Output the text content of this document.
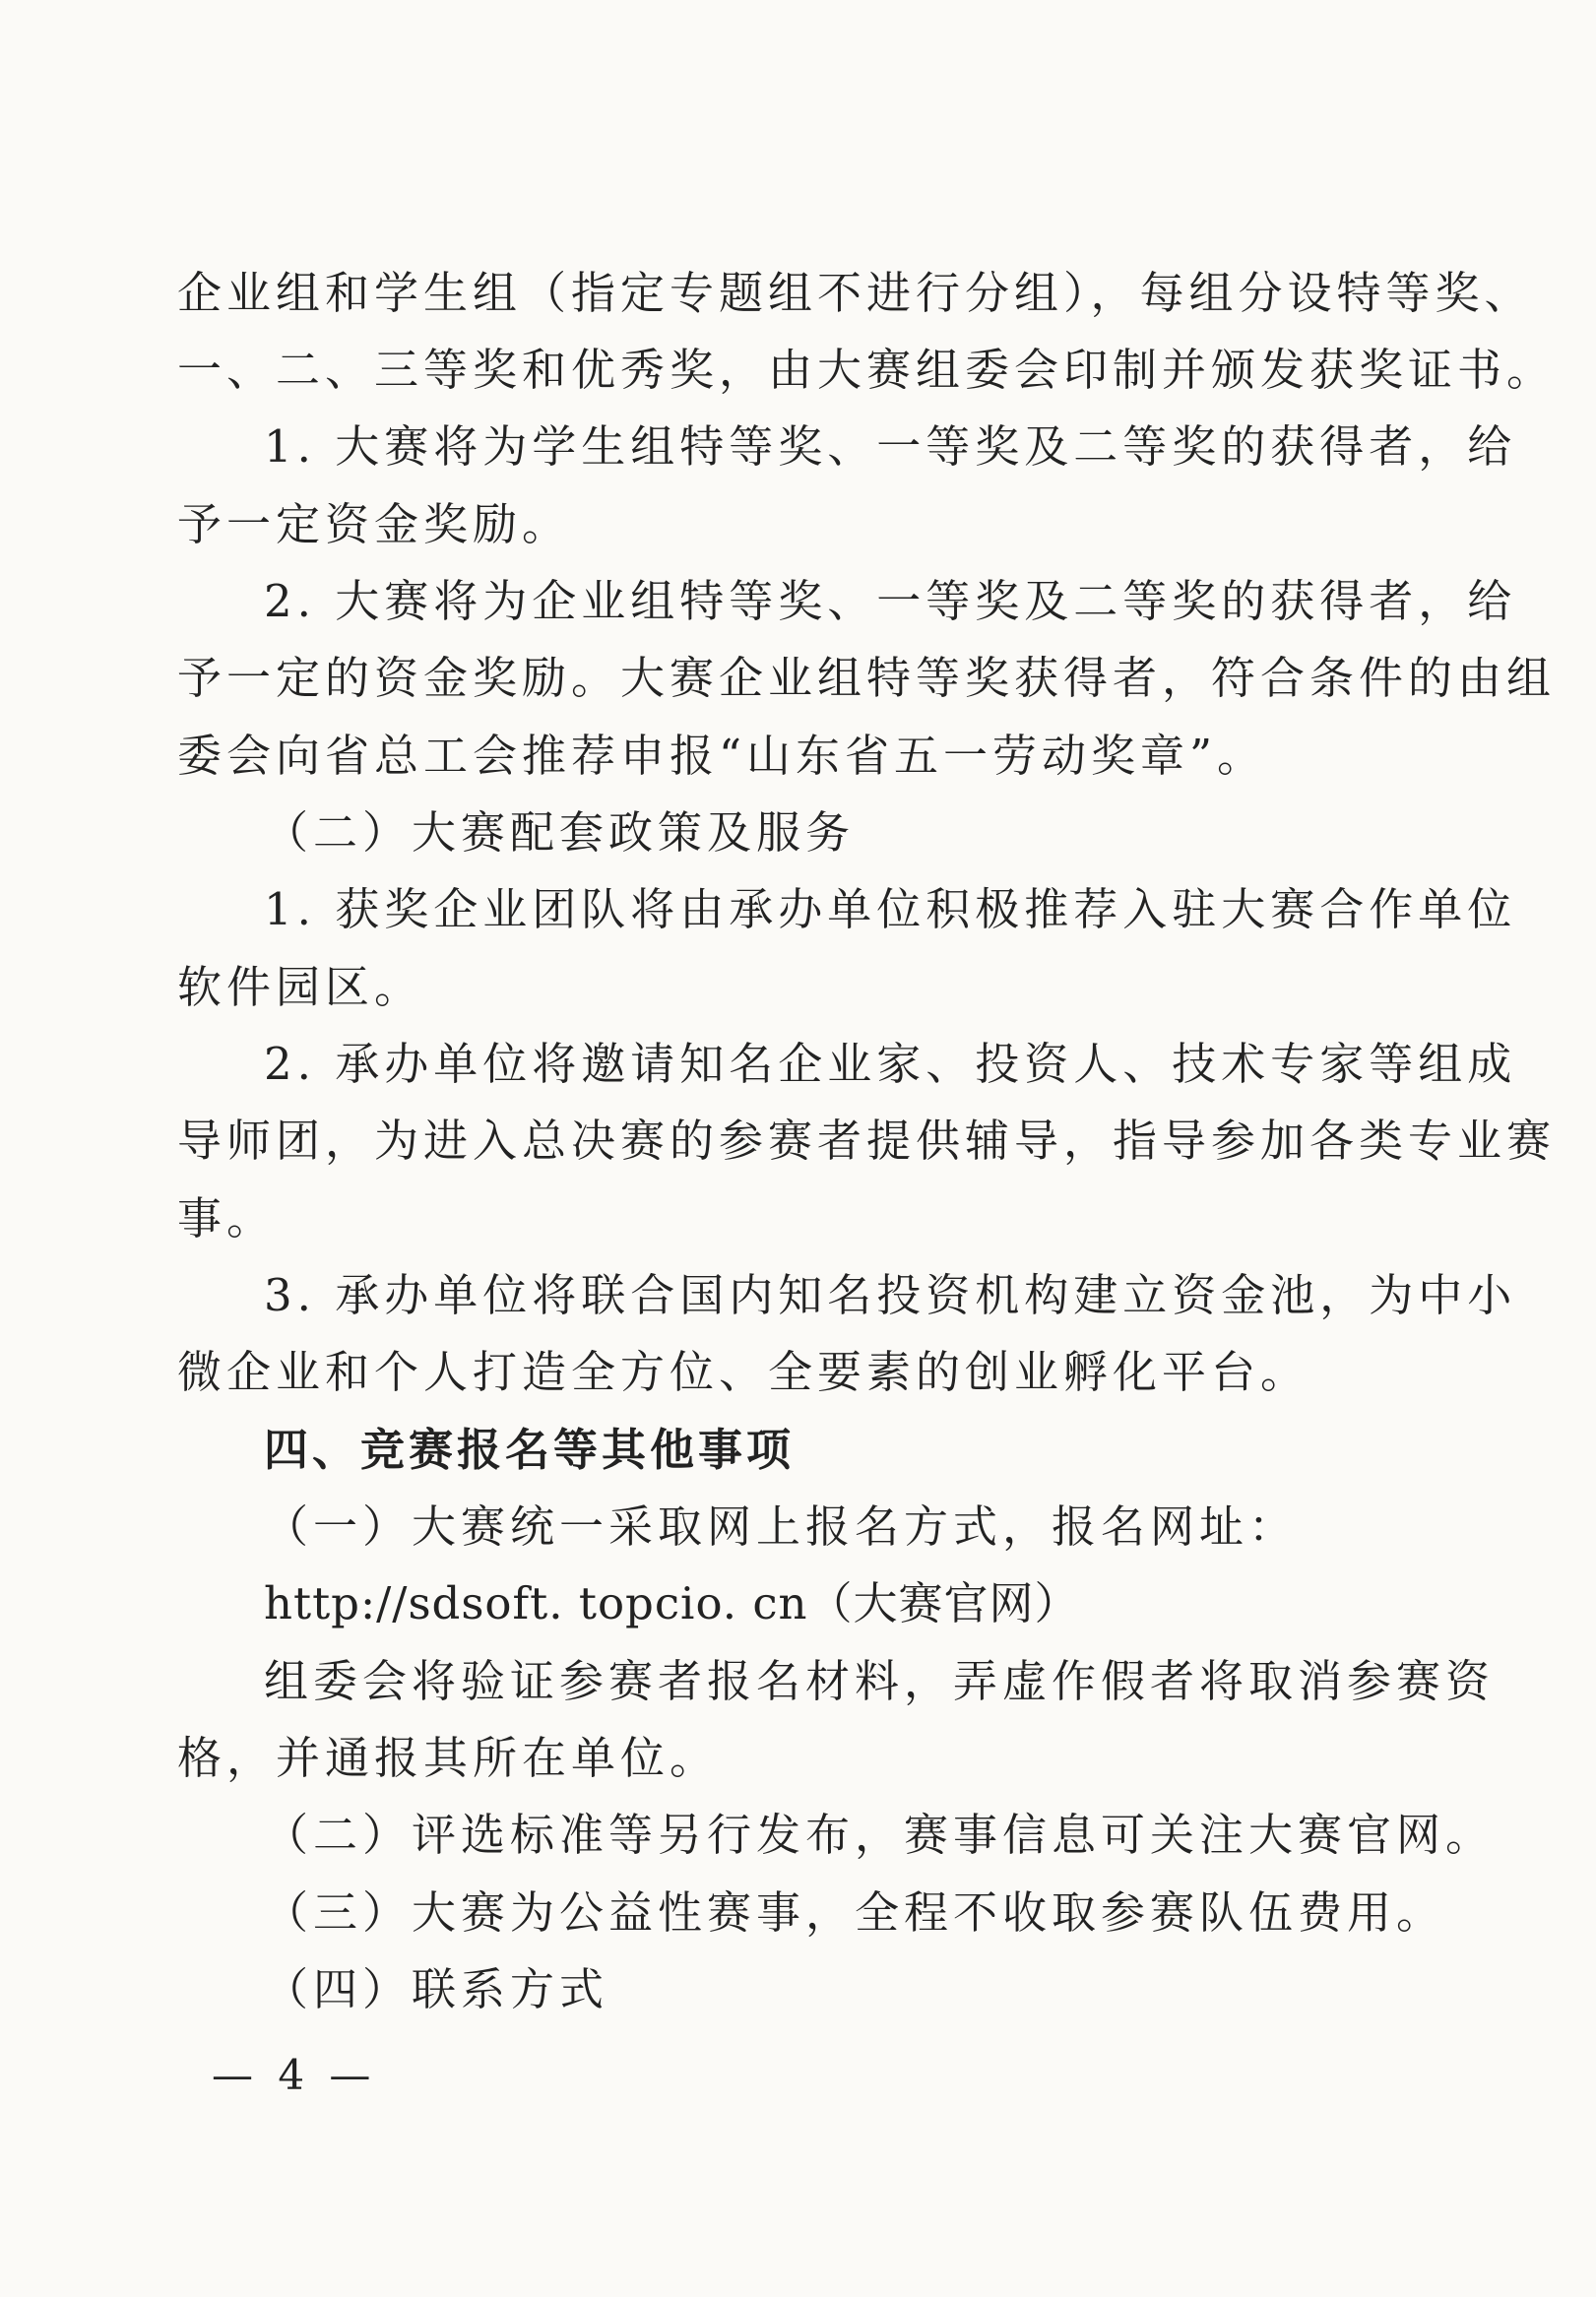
企业组和学生组（指定专题组不进行分组），每组分设特等奖、
一、二、三等奖和优秀奖，由大赛组委会印制并颁发获奖证书。
1. 大赛将为学生组特等奖、一等奖及二等奖的获得者，给
予一定资金奖励。
2. 大赛将为企业组特等奖、一等奖及二等奖的获得者，给
予一定的资金奖励。大赛企业组特等奖获得者，符合条件的由组
委会向省总工会推荐申报“山东省五一劳动奖章”。
（二）大赛配套政策及服务
1. 获奖企业团队将由承办单位积极推荐入驻大赛合作单位
软件园区。
2. 承办单位将邀请知名企业家、投资人、技术专家等组成
导师团，为进入总决赛的参赛者提供辅导，指导参加各类专业赛
事。
3. 承办单位将联合国内知名投资机构建立资金池，为中小
微企业和个人打造全方位、全要素的创业孵化平台。
四、竞赛报名等其他事项
（一）大赛统一采取网上报名方式，报名网址：
http://sdsoft. topcio. cn（大赛官网）
组委会将验证参赛者报名材料，弄虚作假者将取消参赛资
格，并通报其所在单位。
（二）评选标准等另行发布，赛事信息可关注大赛官网。
（三）大赛为公益性赛事，全程不收取参赛队伍费用。
（四）联系方式
— 4 —
